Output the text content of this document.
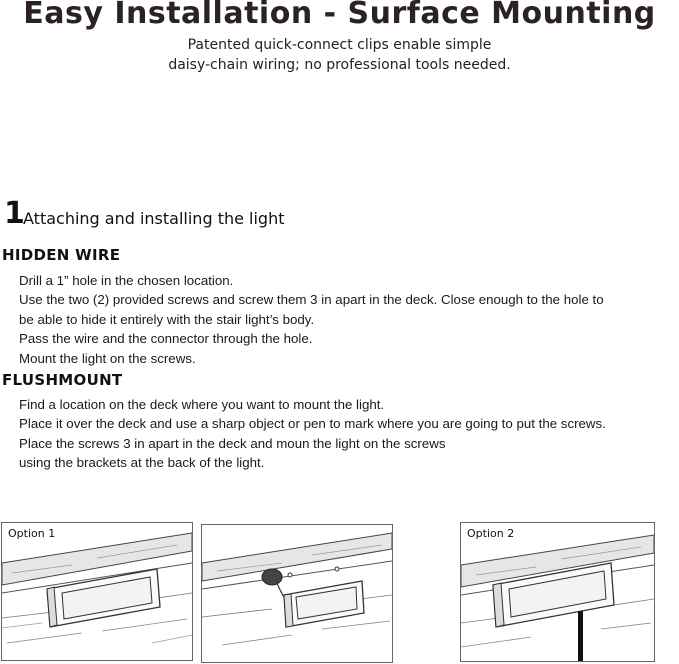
Easy Installation - Surface Mounting
Patented quick-connect clips enable simple
daisy-chain wiring; no professional tools needed.
1
Attaching and installing the light
HIDDEN WIRE
Drill a 1” hole in the chosen location.
Use the two (2) provided screws and screw them 3 in apart in the deck. Close enough to the hole to
be able to hide it entirely with the stair light’s body.
Pass the wire and the connector through the hole.
Mount the light on the screws.
FLUSHMOUNT
Find a location on the deck where you want to mount the light.
Place it over the deck and use a sharp object or pen to mark where you are going to put the screws.
Place the screws 3 in apart in the deck and moun the light on the screws
using the brackets at the back of the light.
Option 1	Option 2
